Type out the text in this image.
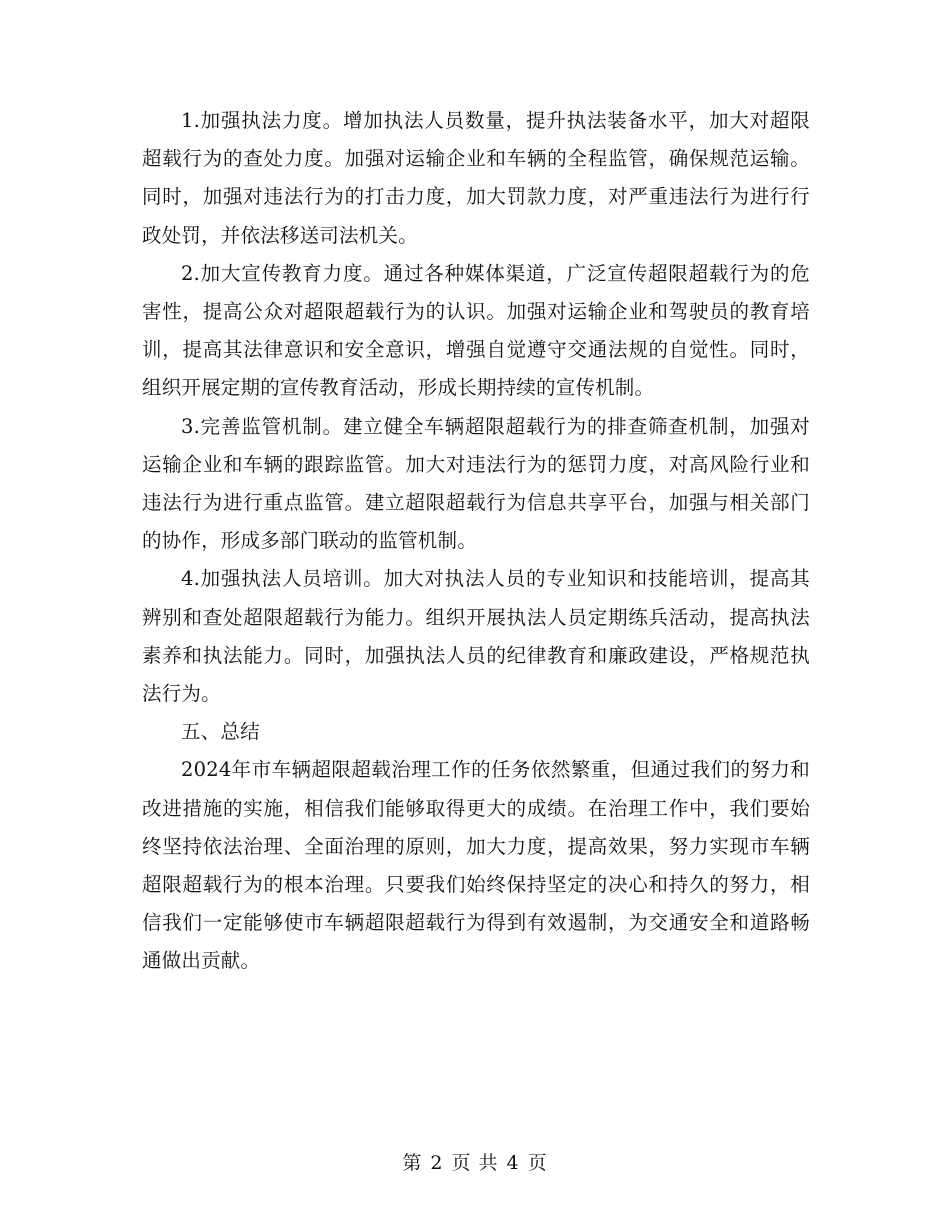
1.加强执法力度。增加执法人员数量，提升执法装备水平，加大对超限超载行为的查处力度。加强对运输企业和车辆的全程监管，确保规范运输。同时，加强对违法行为的打击力度，加大罚款力度，对严重违法行为进行行政处罚，并依法移送司法机关。

2.加大宣传教育力度。通过各种媒体渠道，广泛宣传超限超载行为的危害性，提高公众对超限超载行为的认识。加强对运输企业和驾驶员的教育培训，提高其法律意识和安全意识，增强自觉遵守交通法规的自觉性。同时，组织开展定期的宣传教育活动，形成长期持续的宣传机制。

3.完善监管机制。建立健全车辆超限超载行为的排查筛查机制，加强对运输企业和车辆的跟踪监管。加大对违法行为的惩罚力度，对高风险行业和违法行为进行重点监管。建立超限超载行为信息共享平台，加强与相关部门的协作，形成多部门联动的监管机制。

4.加强执法人员培训。加大对执法人员的专业知识和技能培训，提高其辨别和查处超限超载行为能力。组织开展执法人员定期练兵活动，提高执法素养和执法能力。同时，加强执法人员的纪律教育和廉政建设，严格规范执法行为。

五、总结

2024年市车辆超限超载治理工作的任务依然繁重，但通过我们的努力和改进措施的实施，相信我们能够取得更大的成绩。在治理工作中，我们要始终坚持依法治理、全面治理的原则，加大力度，提高效果，努力实现市车辆超限超载行为的根本治理。只要我们始终保持坚定的决心和持久的努力，相信我们一定能够使市车辆超限超载行为得到有效遏制，为交通安全和道路畅通做出贡献。

第 2 页 共 4 页
